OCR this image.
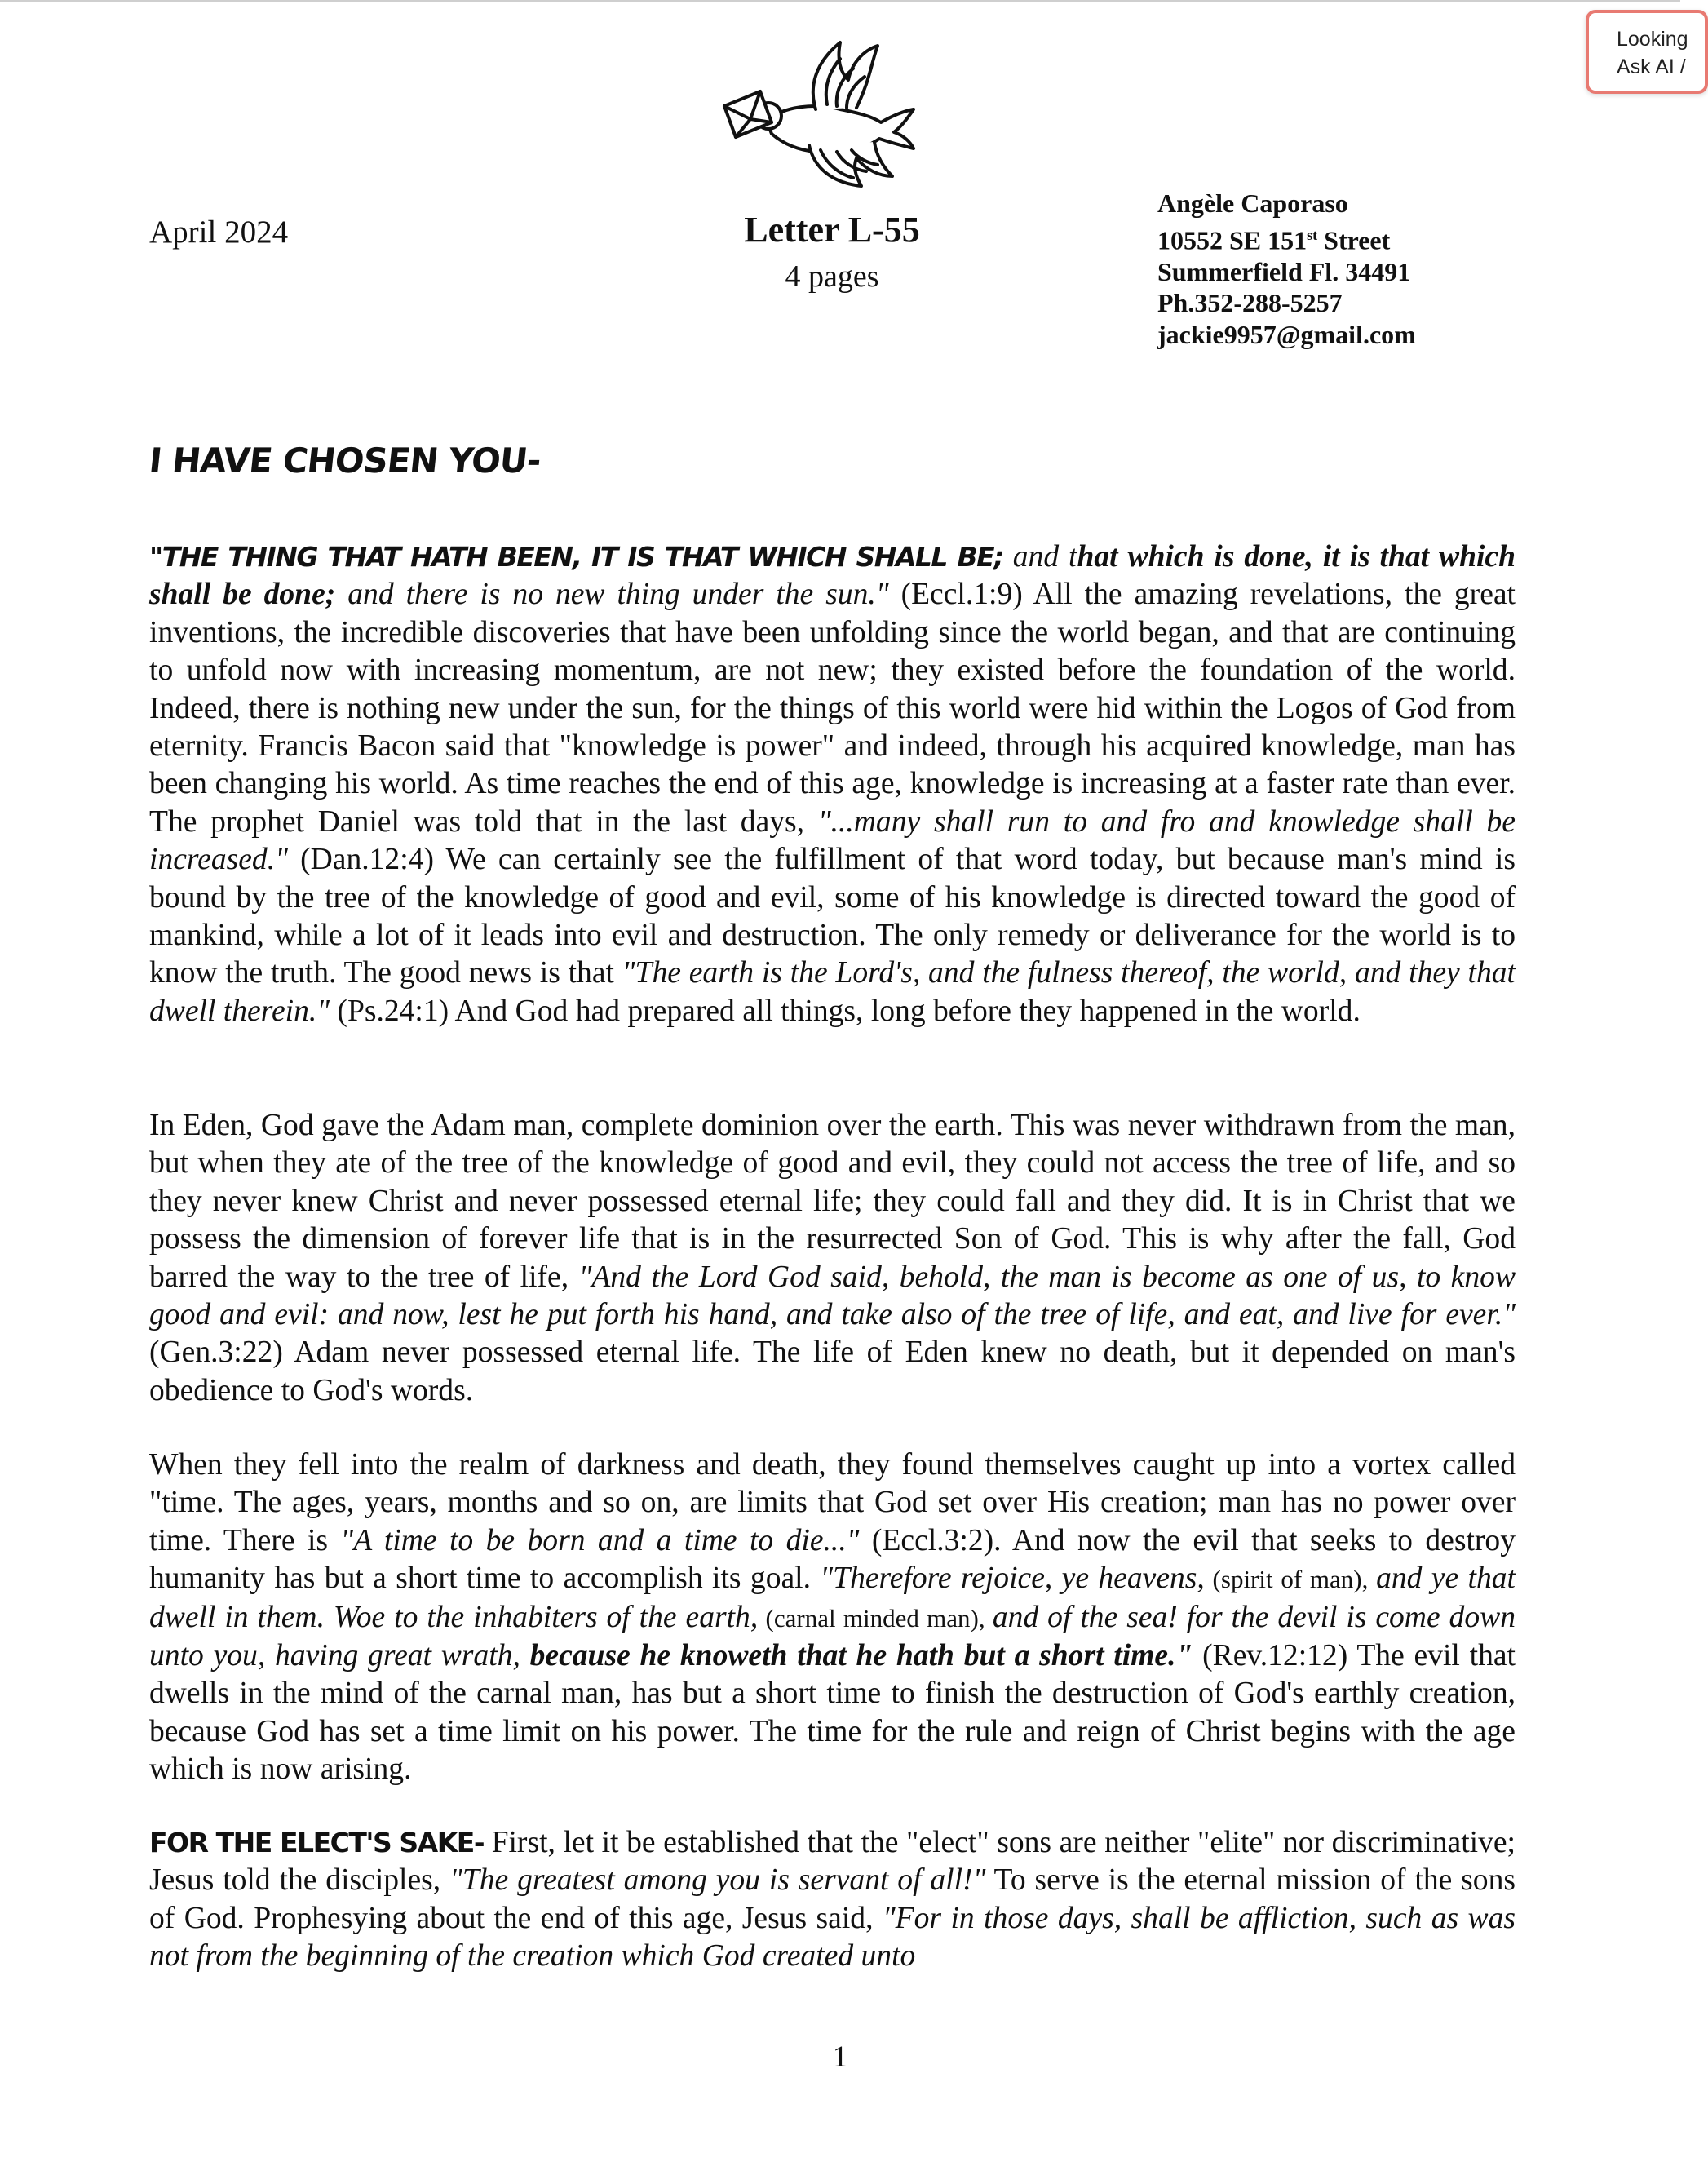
April 2024	Letter L-55
4 pages
Angèle Caporaso
10552 SE 151st Street
Summerfield Fl. 34491
Ph.352-288-5257
jackie9957@gmail.com
I HAVE CHOSEN YOU-

"THE THING THAT HATH BEEN, IT IS THAT WHICH SHALL BE; and that which is done, it is that which shall be done; and there is no new thing under the sun." (Eccl.1:9) All the amazing revelations, the great inventions, the incredible discoveries that have been unfolding since the world began, and that are continuing to unfold now with increasing momentum, are not new; they existed before the foundation of the world. Indeed, there is nothing new under the sun, for the things of this world were hid within the Logos of God from eternity. Francis Bacon said that "knowledge is power" and indeed, through his acquired knowledge, man has been changing his world. As time reaches the end of this age, knowledge is increasing at a faster rate than ever. The prophet Daniel was told that in the last days, "...many shall run to and fro and knowledge shall be increased." (Dan.12:4) We can certainly see the fulfillment of that word today, but because man's mind is bound by the tree of the knowledge of good and evil, some of his knowledge is directed toward the good of mankind, while a lot of it leads into evil and destruction. The only remedy or deliverance for the world is to know the truth. The good news is that "The earth is the Lord's, and the fulness thereof, the world, and they that dwell therein." (Ps.24:1) And God had prepared all things, long before they happened in the world.

In Eden, God gave the Adam man, complete dominion over the earth. This was never withdrawn from the man, but when they ate of the tree of the knowledge of good and evil, they could not access the tree of life, and so they never knew Christ and never possessed eternal life; they could fall and they did. It is in Christ that we possess the dimension of forever life that is in the resurrected Son of God. This is why after the fall, God barred the way to the tree of life, "And the Lord God said, behold, the man is become as one of us, to know good and evil: and now, lest he put forth his hand, and take also of the tree of life, and eat, and live for ever." (Gen.3:22) Adam never possessed eternal life. The life of Eden knew no death, but it depended on man's obedience to God's words.

When they fell into the realm of darkness and death, they found themselves caught up into a vortex called "time. The ages, years, months and so on, are limits that God set over His creation; man has no power over time. There is "A time to be born and a time to die..." (Eccl.3:2). And now the evil that seeks to destroy humanity has but a short time to accomplish its goal. "Therefore rejoice, ye heavens, (spirit of man), and ye that dwell in them. Woe to the inhabiters of the earth, (carnal minded man), and of the sea! for the devil is come down unto you, having great wrath, because he knoweth that he hath but a short time." (Rev.12:12) The evil that dwells in the mind of the carnal man, has but a short time to finish the destruction of God's earthly creation, because God has set a time limit on his power. The time for the rule and reign of Christ begins with the age which is now arising.

FOR THE ELECT'S SAKE- First, let it be established that the "elect" sons are neither "elite" nor discriminative; Jesus told the disciples, "The greatest among you is servant of all!" To serve is the eternal mission of the sons of God. Prophesying about the end of this age, Jesus said, "For in those days, shall be affliction, such as was not from the beginning of the creation which God created unto

1
Looking
Ask AI /
